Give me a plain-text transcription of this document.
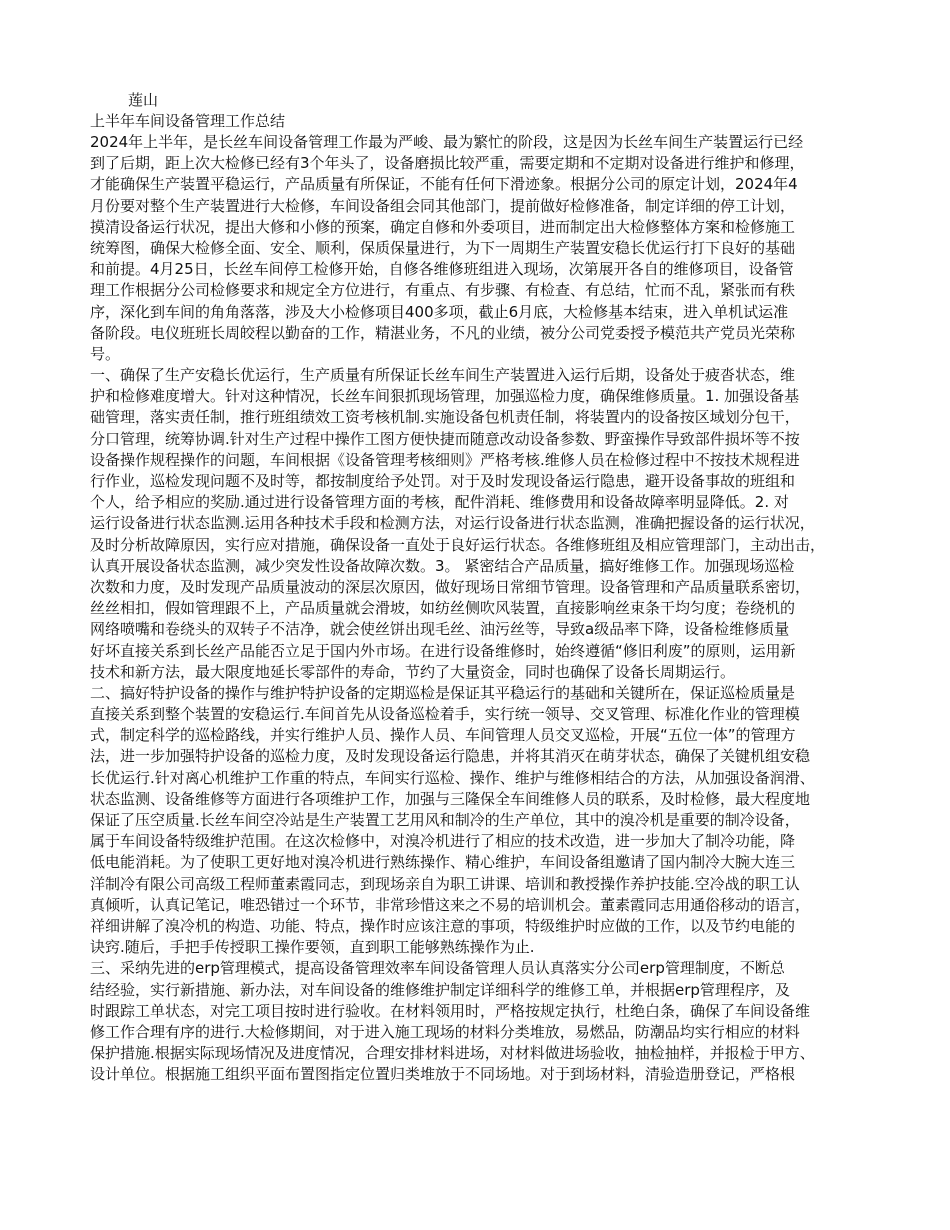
莲山

上半年车间设备管理工作总结

2024年上半年，是长丝车间设备管理工作最为严峻、最为繁忙的阶段，这是因为长丝车间生产装置运行已经
到了后期，距上次大检修已经有3个年头了，设备磨损比较严重，需要定期和不定期对设备进行维护和修理，
才能确保生产装置平稳运行，产品质量有所保证，不能有任何下滑迹象。根据分公司的原定计划，2024年4
月份要对整个生产装置进行大检修，车间设备组会同其他部门，提前做好检修准备，制定详细的停工计划，
摸清设备运行状况，提出大修和小修的预案，确定自修和外委项目，进而制定出大检修整体方案和检修施工
统筹图，确保大检修全面、安全、顺利，保质保量进行，为下一周期生产装置安稳长优运行打下良好的基础
和前提。4月25日，长丝车间停工检修开始，自修各维修班组进入现场，次第展开各自的维修项目，设备管
理工作根据分公司检修要求和规定全方位进行，有重点、有步骤、有检查、有总结，忙而不乱，紧张而有秩
序，深化到车间的角角落落，涉及大小检修项目400多项，截止6月底，大检修基本结束，进入单机试运准
备阶段。电仪班班长周皎程以勤奋的工作，精湛业务，不凡的业绩，被分公司党委授予模范共产党员光荣称
号。
一、确保了生产安稳长优运行，生产质量有所保证长丝车间生产装置进入运行后期，设备处于疲沓状态，维
护和检修难度增大。针对这种情况，长丝车间狠抓现场管理，加强巡检力度，确保维修质量。1. 加强设备基
础管理，落实责任制，推行班组绩效工资考核机制.实施设备包机责任制，将装置内的设备按区域划分包干，
分口管理，统筹协调.针对生产过程中操作工图方便快捷而随意改动设备参数、野蛮操作导致部件损坏等不按
设备操作规程操作的问题，车间根据《设备管理考核细则》严格考核.维修人员在检修过程中不按技术规程进
行作业，巡检发现问题不及时等，都按制度给予处罚。对于及时发现设备运行隐患，避开设备事故的班组和
个人，给予相应的奖励.通过进行设备管理方面的考核，配件消耗、维修费用和设备故障率明显降低。2. 对
运行设备进行状态监测.运用各种技术手段和检测方法，对运行设备进行状态监测，准确把握设备的运行状况，
及时分析故障原因，实行应对措施，确保设备一直处于良好运行状态。各维修班组及相应管理部门，主动出击，
认真开展设备状态监测，减少突发性设备故障次数。3。 紧密结合产品质量，搞好维修工作。加强现场巡检
次数和力度，及时发现产品质量波动的深层次原因，做好现场日常细节管理。设备管理和产品质量联系密切，
丝丝相扣，假如管理跟不上，产品质量就会滑坡，如纺丝侧吹风装置，直接影响丝束条干均匀度；卷绕机的
网络喷嘴和卷绕头的双转子不洁净，就会使丝饼出现毛丝、油污丝等，导致a级品率下降，设备检维修质量
好坏直接关系到长丝产品能否立足于国内外市场。在进行设备维修时，始终遵循“修旧利废”的原则，运用新
技术和新方法，最大限度地延长零部件的寿命，节约了大量资金，同时也确保了设备长周期运行。
二、搞好特护设备的操作与维护特护设备的定期巡检是保证其平稳运行的基础和关键所在，保证巡检质量是
直接关系到整个装置的安稳运行.车间首先从设备巡检着手，实行统一领导、交叉管理、标准化作业的管理模
式，制定科学的巡检路线，并实行维护人员、操作人员、车间管理人员交叉巡检，开展“五位一体”的管理方
法，进一步加强特护设备的巡检力度，及时发现设备运行隐患，并将其消灭在萌芽状态，确保了关键机组安稳
长优运行.针对离心机维护工作重的特点，车间实行巡检、操作、维护与维修相结合的方法，从加强设备润滑、
状态监测、设备维修等方面进行各项维护工作，加强与三隆保全车间维修人员的联系，及时检修，最大程度地
保证了压空质量.长丝车间空冷站是生产装置工艺用风和制冷的生产单位，其中的溴冷机是重要的制冷设备，
属于车间设备特级维护范围。在这次检修中，对溴冷机进行了相应的技术改造，进一步加大了制冷功能，降
低电能消耗。为了使职工更好地对溴冷机进行熟练操作、精心维护，车间设备组邀请了国内制冷大腕大连三
洋制冷有限公司高级工程师董素霞同志，到现场亲自为职工讲课、培训和教授操作养护技能.空冷战的职工认
真倾听，认真记笔记，唯恐错过一个环节，非常珍惜这来之不易的培训机会。董素霞同志用通俗移动的语言，
祥细讲解了溴冷机的构造、功能、特点，操作时应该注意的事项，特级维护时应做的工作，以及节约电能的
诀窍.随后，手把手传授职工操作要领，直到职工能够熟练操作为止.
三、采纳先进的erp管理模式，提高设备管理效率车间设备管理人员认真落实分公司erp管理制度，不断总
结经验，实行新措施、新办法，对车间设备的维修维护制定详细科学的维修工单，并根据erp管理程序，及
时跟踪工单状态，对完工项目按时进行验收。在材料领用时，严格按规定执行，杜绝白条，确保了车间设备维
修工作合理有序的进行.大检修期间，对于进入施工现场的材料分类堆放，易燃品，防潮品均实行相应的材料
保护措施.根据实际现场情况及进度情况，合理安排材料进场，对材料做进场验收，抽检抽样，并报检于甲方、
设计单位。根据施工组织平面布置图指定位置归类堆放于不同场地。对于到场材料，清验造册登记，严格根
